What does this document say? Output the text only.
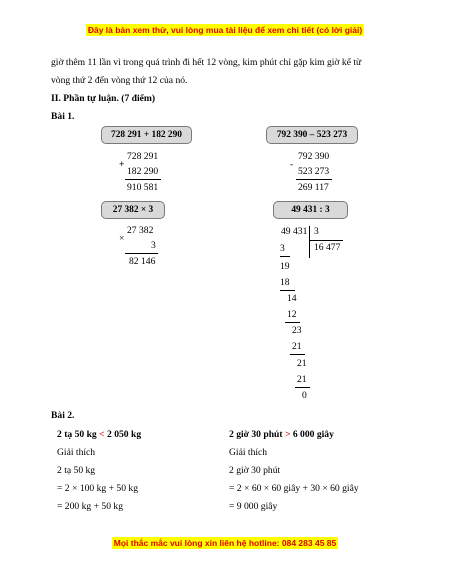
Đây là bản xem thử, vui lòng mua tài liệu để xem chi tiết (có lời giải)
giờ thêm 11 lần vì trong quá trình đi hết 12 vòng, kim phút chỉ gặp kim giờ kể từ
vòng thứ 2 đến vòng thứ 12 của nó.
II. Phần tự luận. (7 điểm)
Bài 1.
728 291 + 182 290
+
728 291
182 290
910 581
792 390 – 523 273
-
792 390
523 273
269 117
27 382 × 3
×
27 382
3
82 146
49 431 : 3
49 431 3
16 477
3
19
18
14
12
23
21
21
21
0
Bài 2.
2 tạ 50 kg < 2 050 kg
Giải thích
2 tạ 50 kg
= 2 × 100 kg + 50 kg
= 200 kg + 50 kg
2 giờ 30 phút > 6 000 giây
Giải thích
2 giờ 30 phút
= 2 × 60 × 60 giây + 30 × 60 giây
= 9 000 giây
Mọi thắc mắc vui lòng xin liên hệ hotline: 084 283 45 85
